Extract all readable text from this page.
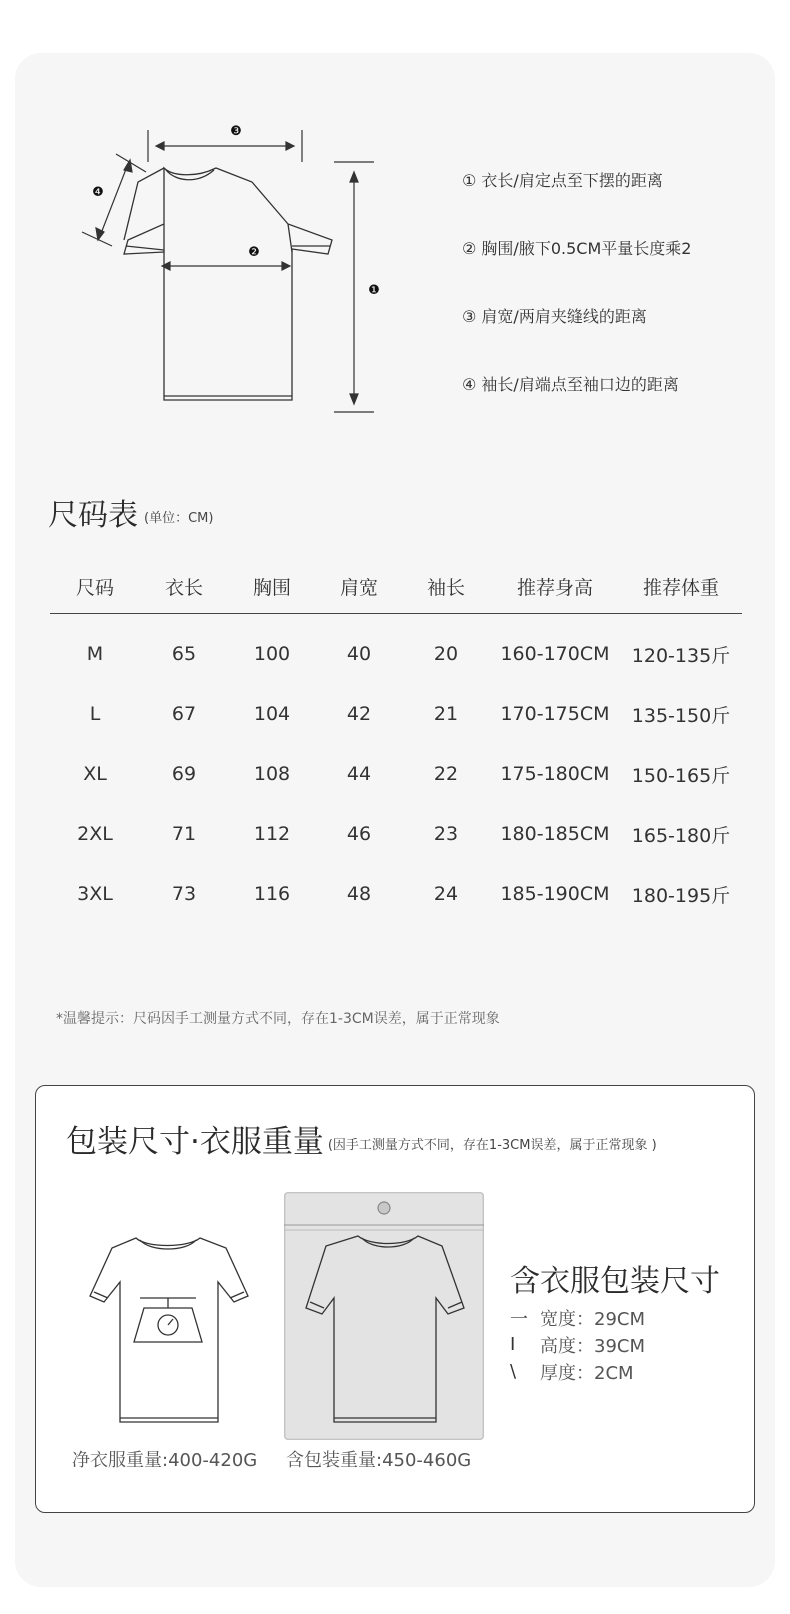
❸
❷
❶
❹
① 衣长/肩定点至下摆的距离
② 胸围/腋下0.5CM平量长度乘2
③ 肩宽/两肩夹缝线的距离
④ 袖长/肩端点至袖口边的距离
尺码表 (单位：CM)
尺码	衣长	胸围	肩宽	袖长	推荐身高	推荐体重
M	65	100	40	20	160-170CM	120-135斤
L	67	104	42	21	170-175CM	135-150斤
XL	69	108	44	22	175-180CM	150-165斤
2XL	71	112	46	23	180-185CM	165-180斤
3XL	73	116	48	24	185-190CM	180-195斤
*温馨提示：尺码因手工测量方式不同，存在1-3CM误差，属于正常现象
包装尺寸·衣服重量 (因手工测量方式不同，存在1-3CM误差，属于正常现象 )
净衣服重量:400-420G 含包装重量:450-460G
含衣服包装尺寸
一 宽度：29CM
I	高度：39CM
\	厚度：2CM
